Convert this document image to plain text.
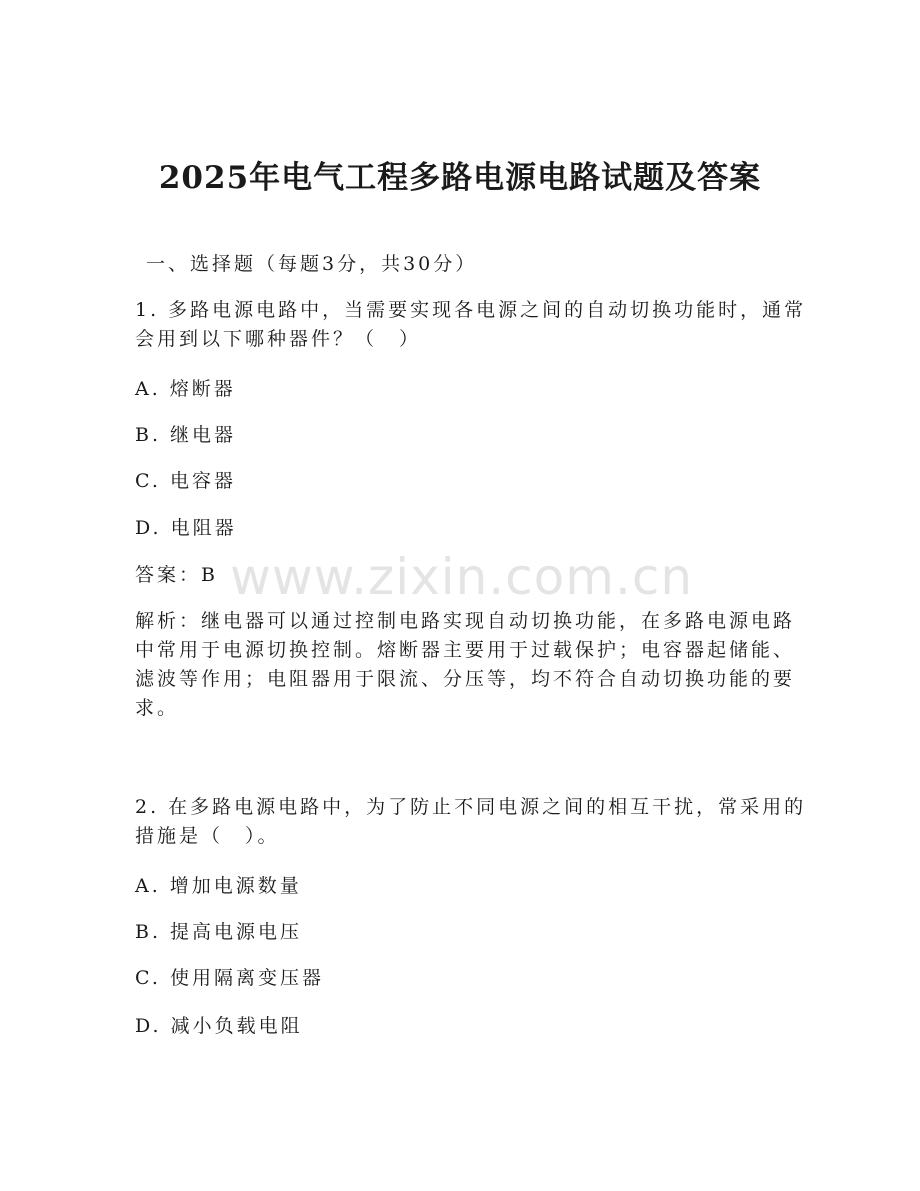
2025年电气工程多路电源电路试题及答案
一、选择题（每题3分，共30分）
1. 多路电源电路中，当需要实现各电源之间的自动切换功能时，通常
会用到以下哪种器件？（　）
A. 熔断器
B. 继电器
C. 电容器
D. 电阻器
答案：B
解析：继电器可以通过控制电路实现自动切换功能，在多路电源电路
中常用于电源切换控制。熔断器主要用于过载保护；电容器起储能、
滤波等作用；电阻器用于限流、分压等，均不符合自动切换功能的要
求。
2. 在多路电源电路中，为了防止不同电源之间的相互干扰，常采用的
措施是（　）。
A. 增加电源数量
B. 提高电源电压
C. 使用隔离变压器
D. 减小负载电阻
www.zixin.com.cn
